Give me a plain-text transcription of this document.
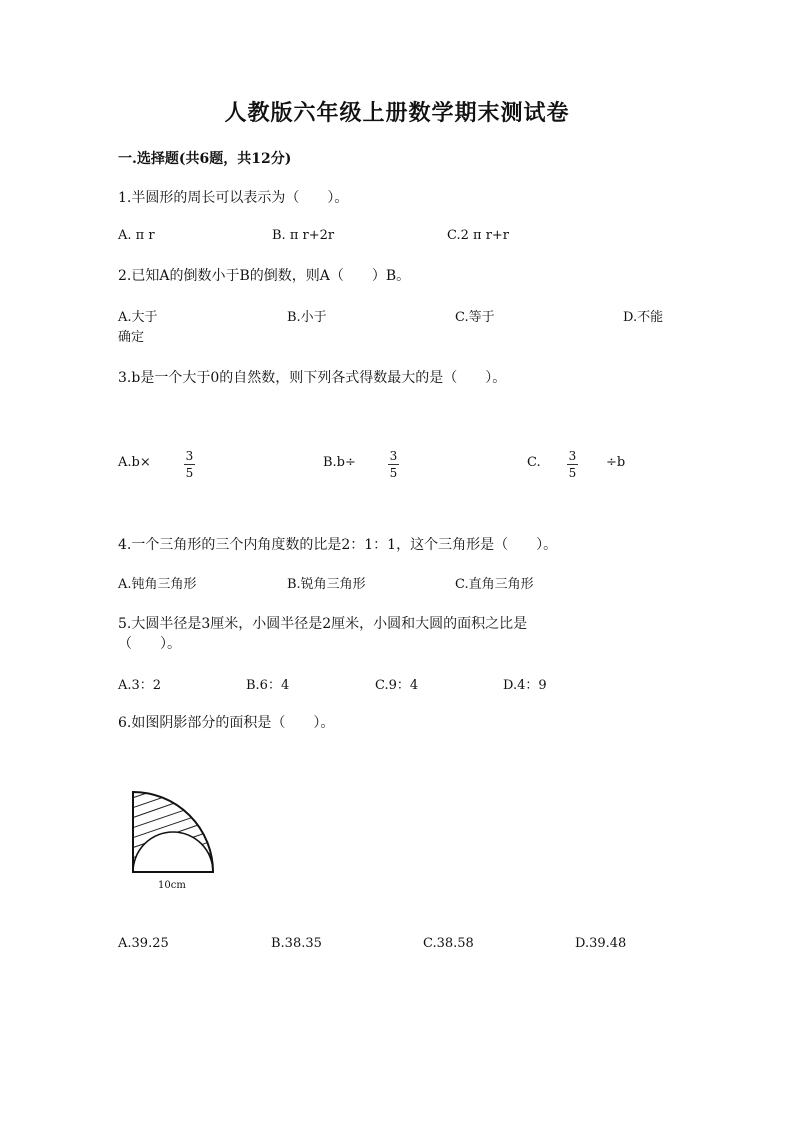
人教版六年级上册数学期末测试卷
一.选择题(共6题，共12分)
1.半圆形的周长可以表示为（　　）。
A. π r	B. π r+2r	C.2 π r+r
2.已知A的倒数小于B的倒数，则A（　　）B。
A.大于	B.小于	C.等于	D.不能
确定
3.b是一个大于0的自然数，则下列各式得数最大的是（　　）。
A.b×	3
5
B.b÷	3
5
C. 3
5
÷b
4.一个三角形的三个内角度数的比是2：1：1，这个三角形是（　　）。
A.钝角三角形	B.锐角三角形	C.直角三角形
5.大圆半径是3厘米，小圆半径是2厘米，小圆和大圆的面积之比是
（　　）。
A.3：2	B.6：4	C.9：4	D.4：9
6.如图阴影部分的面积是（　　）。
10cm
A.39.25	B.38.35	C.38.58	D.39.48
